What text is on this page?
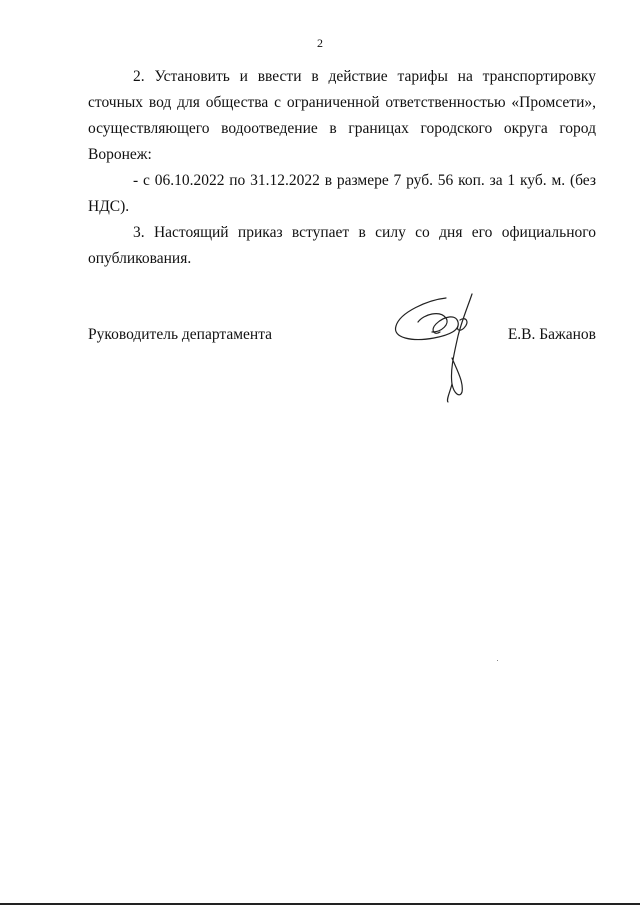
2

2. Установить и ввести в действие тарифы на транспортировку сточных вод для общества с ограниченной ответственностью «Промсети», осуществляющего водоотведение в границах городского округа город Воронеж:

- с 06.10.2022 по 31.12.2022 в размере 7 руб. 56 коп. за 1 куб. м. (без НДС).

3. Настоящий приказ вступает в силу со дня его официального опубликования.

Руководитель департамента	Е.В. Бажанов
